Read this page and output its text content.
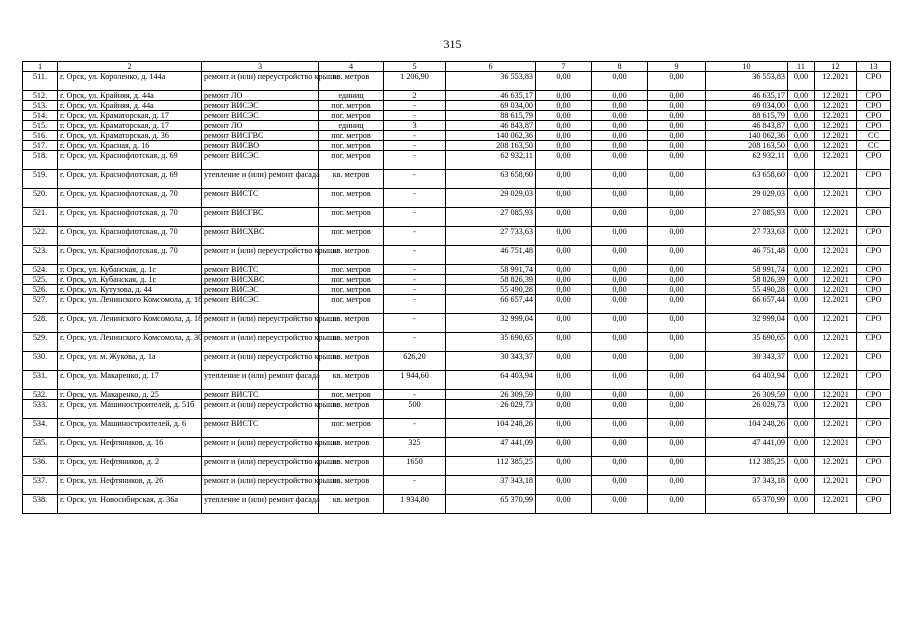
315
1	2	3	4	5	6	7	8	9	10	11	12	13
511.	г. Орск, ул. Короленко, д. 144а	ремонт и (или) переустройство крыши	кв. метров	1 206,90	36 553,83	0,00	0,00	0,00	36 553,83	0,00	12.2021	СРО
512.	г. Орск, ул. Крайняя, д. 44а	ремонт ЛО	единиц	2	46 635,17	0,00	0,00	0,00	46 635,17	0,00	12.2021	СРО
513.	г. Орск, ул. Крайняя, д. 44а	ремонт ВИСЭС	пог. метров	-	69 034,00	0,00	0,00	0,00	69 034,00	0,00	12.2021	СРО
514.	г. Орск, ул. Краматорская, д. 17	ремонт ВИСЭС	пог. метров	-	88 615,79	0,00	0,00	0,00	88 615,79	0,00	12.2021	СРО
515.	г. Орск, ул. Краматорская, д. 17	ремонт ЛО	единиц	3	46 843,87	0,00	0,00	0,00	46 843,87	0,00	12.2021	СРО
516.	г. Орск, ул. Краматорская, д. 36	ремонт ВИСГВС	пог. метров	-	140 062,36	0,00	0,00	0,00	140 062,36	0,00	12.2021	СС
517.	г. Орск, ул. Красная, д. 16	ремонт ВИСВО	пог. метров	-	208 163,50	0,00	0,00	0,00	208 163,50	0,00	12.2021	СС
518.	г. Орск, ул. Краснофлотская, д. 69	ремонт ВИСЭС	пог. метров	-	62 932,11	0,00	0,00	0,00	62 932,11	0,00	12.2021	СРО
519.	г. Орск, ул. Краснофлотская, д. 69	утепление и (или) ремонт фасада	кв. метров	-	63 658,60	0,00	0,00	0,00	63 658,60	0,00	12.2021	СРО
520.	г. Орск, ул. Краснофлотская, д. 70	ремонт ВИСТС	пог. метров	-	29 029,03	0,00	0,00	0,00	29 029,03	0,00	12.2021	СРО
521.	г. Орск, ул. Краснофлотская, д. 70	ремонт ВИСГВС	пог. метров	-	27 085,93	0,00	0,00	0,00	27 085,93	0,00	12.2021	СРО
522.	г. Орск, ул. Краснофлотская, д. 70	ремонт ВИСХВС	пог. метров	-	27 733,63	0,00	0,00	0,00	27 733,63	0,00	12.2021	СРО
523.	г. Орск, ул. Краснофлотская, д. 70	ремонт и (или) переустройство крыши	кв. метров	-	46 751,48	0,00	0,00	0,00	46 751,48	0,00	12.2021	СРО
524.	г. Орск, ул. Кубанская, д. 1с	ремонт ВИСТС	пог. метров	-	58 991,74	0,00	0,00	0,00	58 991,74	0,00	12.2021	СРО
525.	г. Орск, ул. Кубанская, д. 1с	ремонт ВИСХВС	пог. метров	-	58 826,39	0,00	0,00	0,00	58 826,39	0,00	12.2021	СРО
526.	г. Орск, ул. Кутузова, д. 44	ремонт ВИСЭС	пог. метров	-	55 490,28	0,00	0,00	0,00	55 490,28	0,00	12.2021	СРО
527.	г. Орск, ул. Ленинского Комсомола, д. 18	ремонт ВИСЭС	пог. метров	-	66 657,44	0,00	0,00	0,00	66 657,44	0,00	12.2021	СРО
528.	г. Орск, ул. Ленинского Комсомола, д. 18	ремонт и (или) переустройство крыши	кв. метров	-	32 999,04	0,00	0,00	0,00	32 999,04	0,00	12.2021	СРО
529.	г. Орск, ул. Ленинского Комсомола, д. 30	ремонт и (или) переустройство крыши	кв. метров	-	35 690,65	0,00	0,00	0,00	35 690,65	0,00	12.2021	СРО
530.	г. Орск, ул. м. Жукова, д. 1а	ремонт и (или) переустройство крыши	кв. метров	626,20	30 343,37	0,00	0,00	0,00	30 343,37	0,00	12.2021	СРО
531.	г. Орск, ул. Макаренко, д. 17	утепление и (или) ремонт фасада	кв. метров	1 944,60	64 403,94	0,00	0,00	0,00	64 403,94	0,00	12.2021	СРО
532.	г. Орск, ул. Макаренко, д. 25	ремонт ВИСТС	пог. метров	-	26 309,59	0,00	0,00	0,00	26 309,59	0,00	12.2021	СРО
533.	г. Орск, ул. Машиностроителей, д. 51б	ремонт и (или) переустройство крыши	кв. метров	500	26 029,73	0,00	0,00	0,00	26 029,73	0,00	12.2021	СРО
534.	г. Орск, ул. Машиностроителей, д. 6	ремонт ВИСТС	пог. метров	-	104 248,26	0,00	0,00	0,00	104 248,26	0,00	12.2021	СРО
535.	г. Орск, ул. Нефтяников, д. 16	ремонт и (или) переустройство крыши	кв. метров	325	47 441,09	0,00	0,00	0,00	47 441,09	0,00	12.2021	СРО
536.	г. Орск, ул. Нефтяников, д. 2	ремонт и (или) переустройство крыши	кв. метров	1650	112 385,25	0,00	0,00	0,00	112 385,25	0,00	12.2021	СРО
537.	г. Орск, ул. Нефтяников, д. 26	ремонт и (или) переустройство крыши	кв. метров	-	37 343,18	0,00	0,00	0,00	37 343,18	0,00	12.2021	СРО
538.	г. Орск, ул. Новосибирская, д. 36а	утепление и (или) ремонт фасада	кв. метров	1 934,80	65 370,99	0,00	0,00	0,00	65 370,99	0,00	12.2021	СРО
